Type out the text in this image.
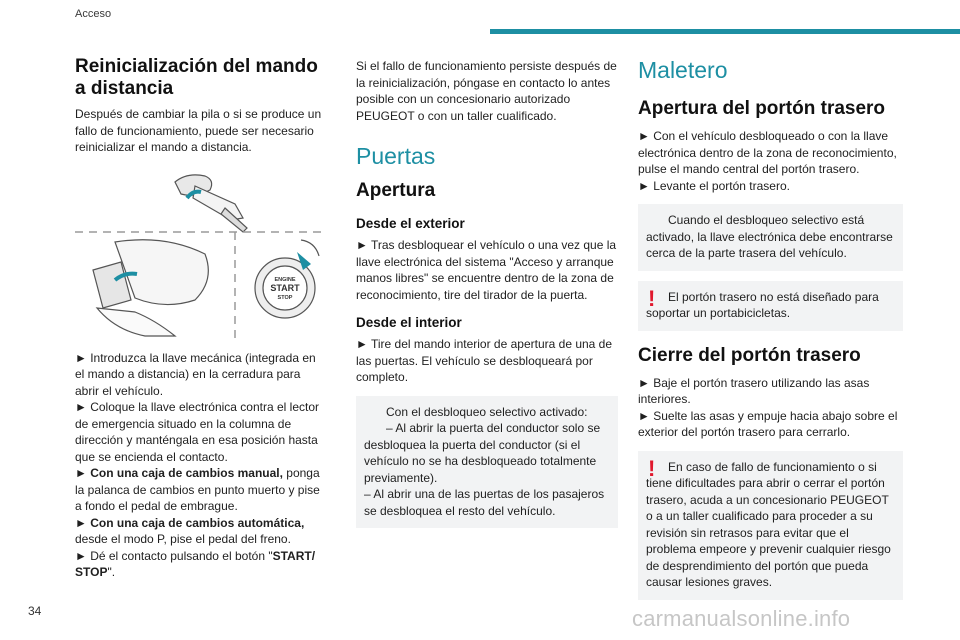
Acceso
Reinicialización del mando a distancia

Después de cambiar la pila o si se produce un fallo de funcionamiento, puede ser necesario reinicializar el mando a distancia.

ENGINE
START
STOP

► Introduzca la llave mecánica (integrada en el mando a distancia) en la cerradura para abrir el vehículo.

► Coloque la llave electrónica contra el lector de emergencia situado en la columna de dirección y manténgala en esa posición hasta que se encienda el contacto.

► Con una caja de cambios manual, ponga la palanca de cambios en punto muerto y pise a fondo el pedal de embrague.

► Con una caja de cambios automática, desde el modo P, pise el pedal del freno.

► Dé el contacto pulsando el botón "START/ STOP".

Si el fallo de funcionamiento persiste después de la reinicialización, póngase en contacto lo antes posible con un concesionario autorizado PEUGEOT o con un taller cualificado.

Puertas
Apertura
Desde el exterior

► Tras desbloquear el vehículo o una vez que la llave electrónica del sistema "Acceso y arranque manos libres" se encuentre dentro de la zona de reconocimiento, tire del tirador de la puerta.

Desde el interior

► Tire del mando interior de apertura de una de las puertas. El vehículo se desbloqueará por completo.

Con el desbloqueo selectivo activado:
– Al abrir la puerta del conductor solo se desbloquea la puerta del conductor (si el vehículo no se ha desbloqueado totalmente previamente).
– Al abrir una de las puertas de los pasajeros se desbloquea el resto del vehículo.
Maletero
Apertura del portón trasero

► Con el vehículo desbloqueado o con la llave electrónica dentro de la zona de reconocimiento, pulse el mando central del portón trasero.

► Levante el portón trasero.

Cuando el desbloqueo selectivo está activado, la llave electrónica debe encontrarse cerca de la parte trasera del vehículo.
!	El portón trasero no está diseñado para soportar un portabicicletas.
Cierre del portón trasero

► Baje el portón trasero utilizando las asas interiores.

► Suelte las asas y empuje hacia abajo sobre el exterior del portón trasero para cerrarlo.

!	En caso de fallo de funcionamiento o si tiene dificultades para abrir o cerrar el portón trasero, acuda a un concesionario PEUGEOT o a un taller cualificado para proceder a su revisión sin retrasos para evitar que el problema empeore y prevenir cualquier riesgo de desprendimiento del portón que pueda causar lesiones graves.
34	carmanualsonline.info
